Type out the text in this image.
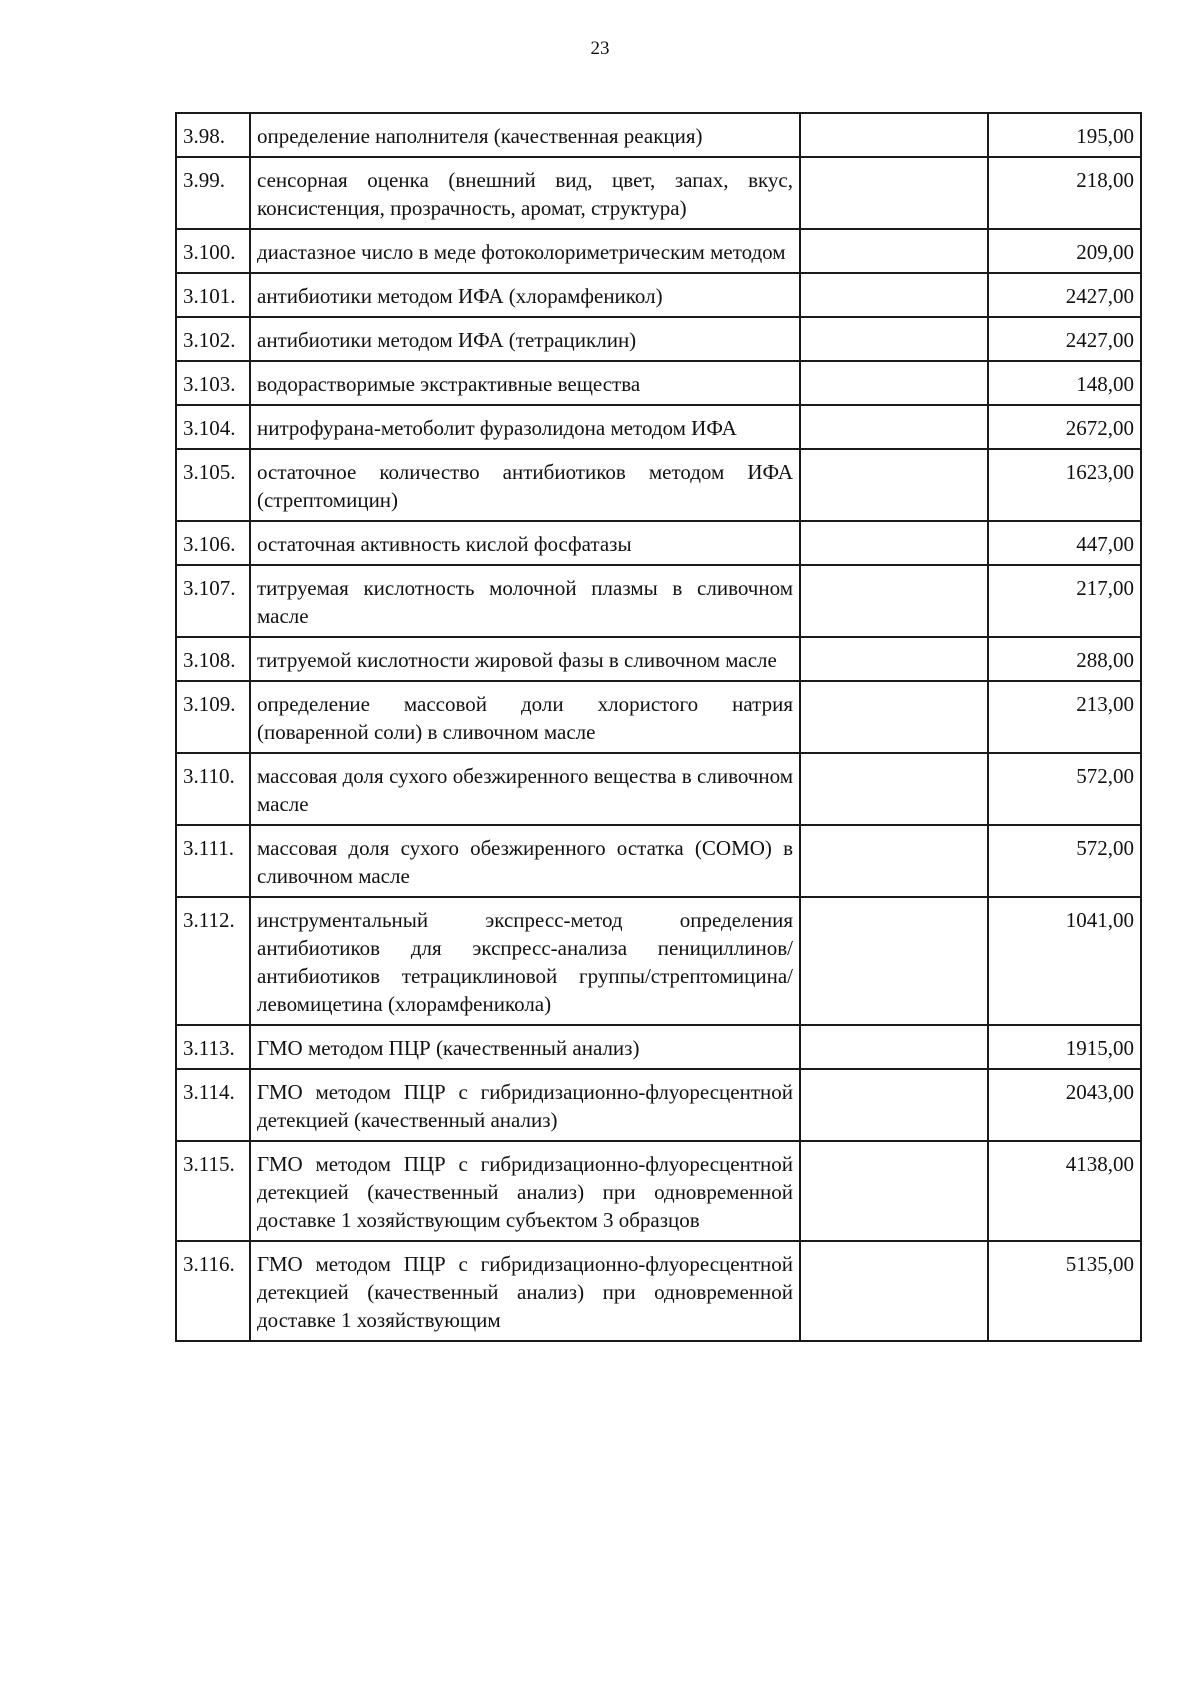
23
3.98.	определение наполнителя (качественная реакция)		195,00
3.99.	сенсорная оценка (внешний вид, цвет, запах, вкус, консистенция, прозрачность, аромат, структура)		218,00
3.100.	диастазное число в меде фотоколориметрическим методом		209,00
3.101.	антибиотики методом ИФА (хлорамфеникол)		2427,00
3.102.	антибиотики методом ИФА (тетрациклин)		2427,00
3.103.	водорастворимые экстрактивные вещества		148,00
3.104.	нитрофурана-метоболит фуразолидона методом ИФА		2672,00
3.105.	остаточное количество антибиотиков методом ИФА (стрептомицин)		1623,00
3.106.	остаточная активность кислой фосфатазы		447,00
3.107.	титруемая кислотность молочной плазмы в сливочном масле		217,00
3.108.	титруемой кислотности жировой фазы в сливочном масле		288,00
3.109.	определение массовой доли хлористого натрия (поваренной соли) в сливочном масле		213,00
3.110.	массовая доля сухого обезжиренного вещества в сливочном масле		572,00
3.111.	массовая доля сухого обезжиренного остатка (СОМО) в сливочном масле		572,00
3.112.	инструментальный экспресс-метод определения антибиотиков для экспресс-анализа пенициллинов/антибиотиков тетрациклиновой группы/стрептомицина/левомицетина (хлорамфеникола)		1041,00
3.113.	ГМО методом ПЦР (качественный анализ)		1915,00
3.114.	ГМО методом ПЦР с гибридизационно-флуоресцентной детекцией (качественный анализ)		2043,00
3.115.	ГМО методом ПЦР с гибридизационно-флуоресцентной детекцией (качественный анализ) при одновременной доставке 1 хозяйствующим субъектом 3 образцов		4138,00
3.116.	ГМО методом ПЦР с гибридизационно-флуоресцентной детекцией (качественный анализ) при одновременной доставке 1 хозяйствующим		5135,00
